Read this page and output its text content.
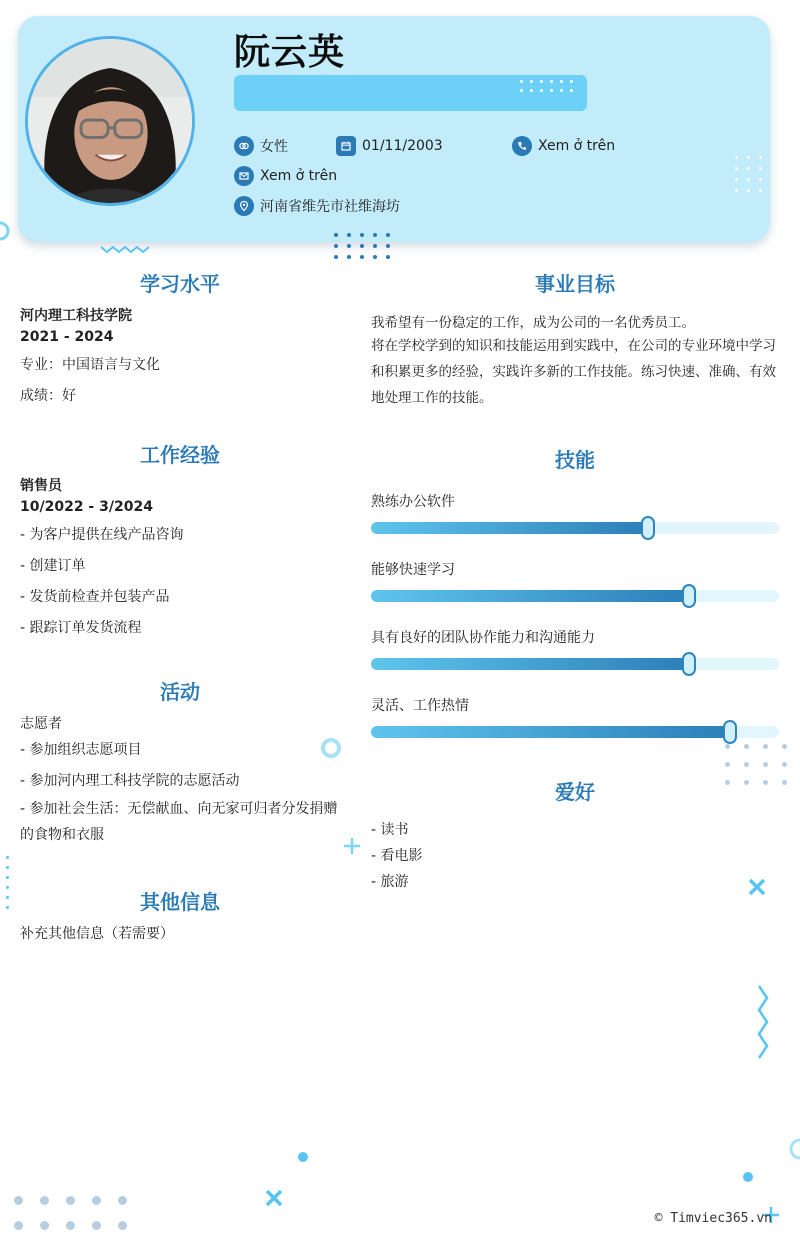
阮云英
女性	01/11/2003	Xem ở trên
Xem ở trên
河南省维先市社维海坊
学习水平
河内理工科技学院
2021 - 2024
专业：中国语言与文化
成绩：好
工作经验
销售员
10/2022 - 3/2024
- 为客户提供在线产品咨询
- 创建订单
- 发货前检查并包装产品
- 跟踪订单发货流程
活动
志愿者
- 参加组织志愿项目
- 参加河内理工科技学院的志愿活动
- 参加社会生活：无偿献血、向无家可归者分发捐赠的食物和衣服
其他信息
补充其他信息（若需要）
事业目标
我希望有一份稳定的工作，成为公司的一名优秀员工。
将在学校学到的知识和技能运用到实践中，在公司的专业环境中学习和积累更多的经验，实践许多新的工作技能。练习快速、准确、有效地处理工作的技能。
技能
熟练办公软件
能够快速学习
具有良好的团队协作能力和沟通能力
灵活、工作热情
爱好
- 读书
- 看电影
- 旅游
© Timviec365.vn
